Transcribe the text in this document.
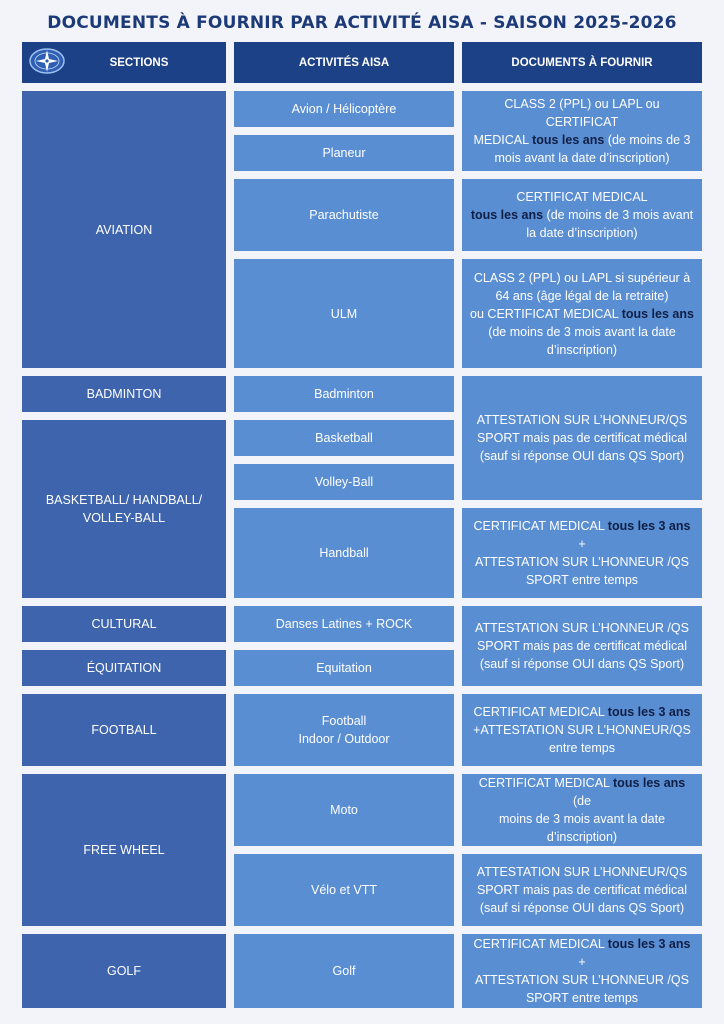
DOCUMENTS À FOURNIR PAR ACTIVITÉ AISA - SAISON 2025-2026
SECTIONS	ACTIVITÉS AISA	DOCUMENTS À FOURNIR
AVIATION
BADMINTON
BASKETBALL/ HANDBALL/ VOLLEY-BALL
CULTURAL
ÉQUITATION
FOOTBALL
FREE WHEEL
GOLF
Avion / Hélicoptère
Planeur
Parachutiste
ULM
Badminton
Basketball
Volley-Ball
Handball
Danses Latines + ROCK
Equitation
Football
Indoor / Outdoor
Moto
Vélo et VTT
Golf

CLASS 2 (PPL) ou LAPL ou CERTIFICAT

MEDICAL tous les ans (de moins de 3

mois avant la date d’inscription)

CERTIFICAT MEDICAL

tous les ans (de moins de 3 mois avant

la date d’inscription)

CLASS 2 (PPL) ou LAPL si supérieur à

64 ans (âge légal de la retraite)

ou CERTIFICAT MEDICAL tous les ans

(de moins de 3 mois avant la date

d’inscription)

ATTESTATION SUR L’HONNEUR/QS

SPORT mais pas de certificat médical

(sauf si réponse OUI dans QS Sport)

CERTIFICAT MEDICAL tous les 3 ans +

ATTESTATION SUR L’HONNEUR /QS

SPORT entre temps

ATTESTATION SUR L’HONNEUR /QS

SPORT mais pas de certificat médical

(sauf si réponse OUI dans QS Sport)

CERTIFICAT MEDICAL tous les 3 ans

+ATTESTATION SUR L’HONNEUR/QS

entre temps

CERTIFICAT MEDICAL tous les ans (de

moins de 3 mois avant la date

d’inscription)

ATTESTATION SUR L’HONNEUR/QS

SPORT mais pas de certificat médical

(sauf si réponse OUI dans QS Sport)

CERTIFICAT MEDICAL tous les 3 ans +

ATTESTATION SUR L’HONNEUR /QS

SPORT entre temps
